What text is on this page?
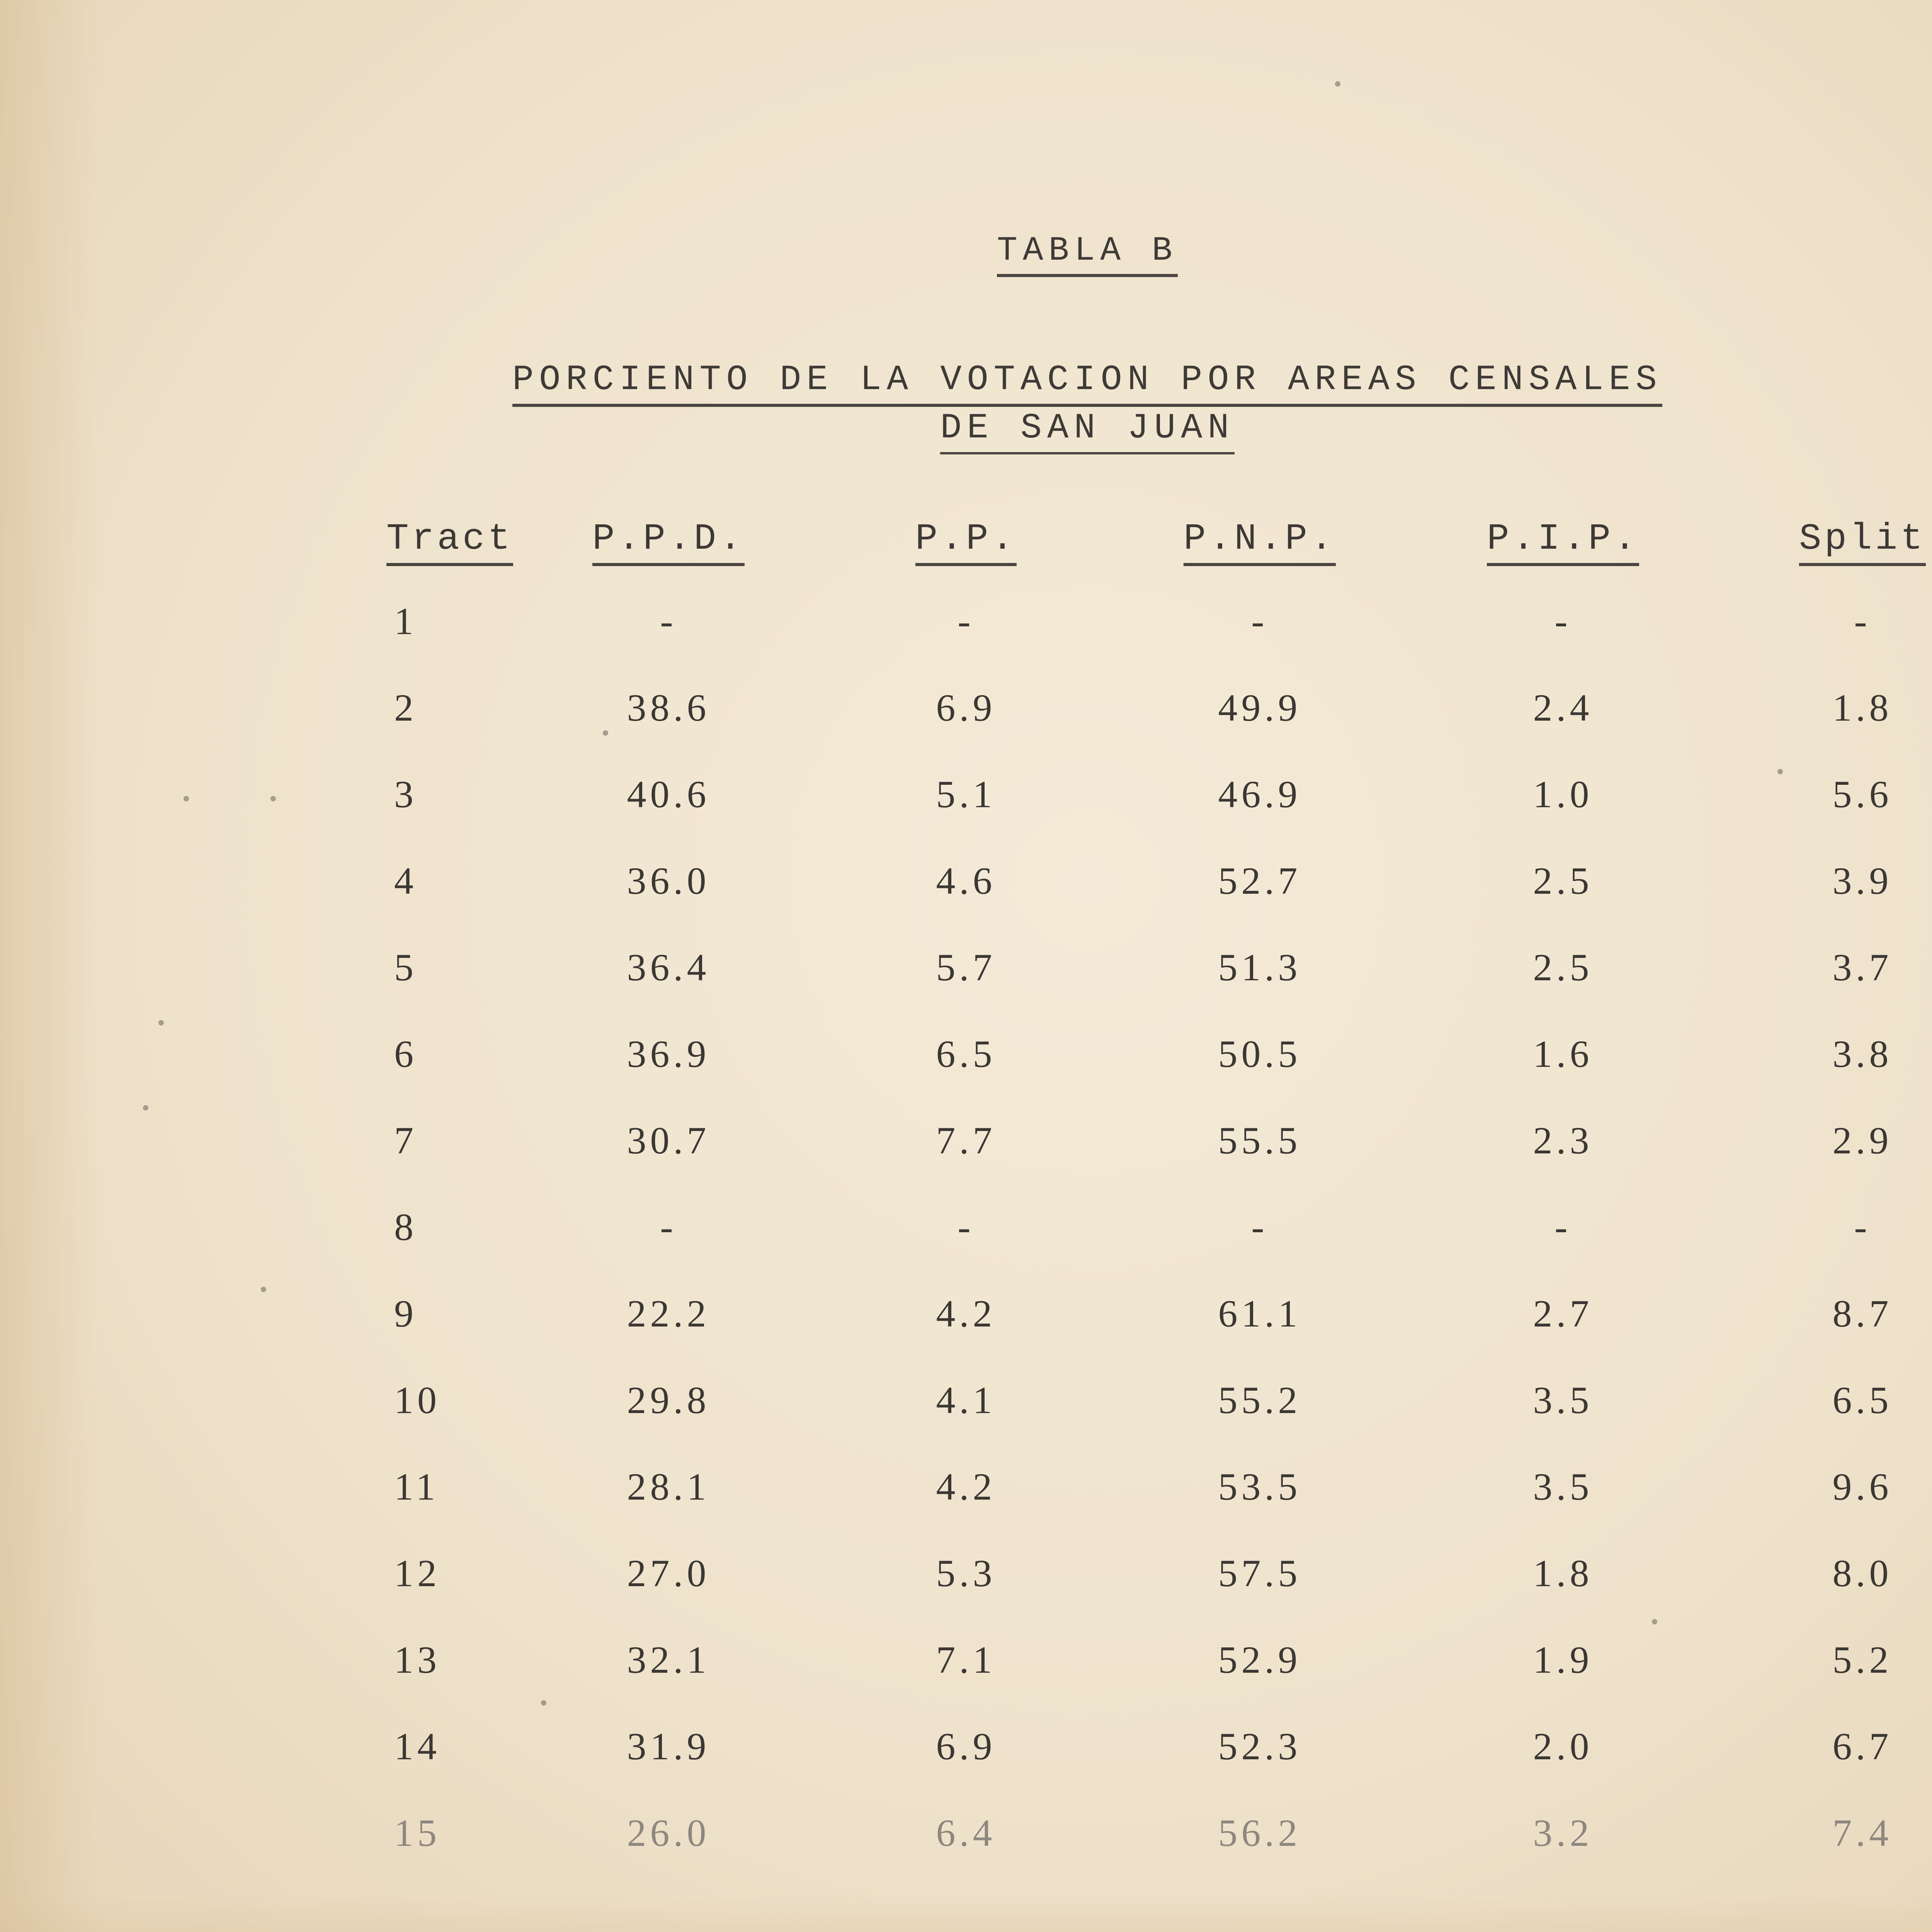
TABLA B
PORCIENTO DE LA VOTACION POR AREAS CENSALES
DE SAN JUAN
Tract P.P.D.	P.P.	P.N.P.	P.I.P.	Split
1	-	-	-	-	-
2	38.6	6.9	49.9	2.4	1.8
3	40.6	5.1	46.9	1.0	5.6
4	36.0	4.6	52.7	2.5	3.9
5	36.4	5.7	51.3	2.5	3.7
6	36.9	6.5	50.5	1.6	3.8
7	30.7	7.7	55.5	2.3	2.9
8	-	-	-	-	-
9	22.2	4.2	61.1	2.7	8.7
10	29.8	4.1	55.2	3.5	6.5
11	28.1	4.2	53.5	3.5	9.6
12	27.0	5.3	57.5	1.8	8.0
13	32.1	7.1	52.9	1.9	5.2
14	31.9	6.9	52.3	2.0	6.7
15	26.0	6.4	56.2	3.2	7.4
